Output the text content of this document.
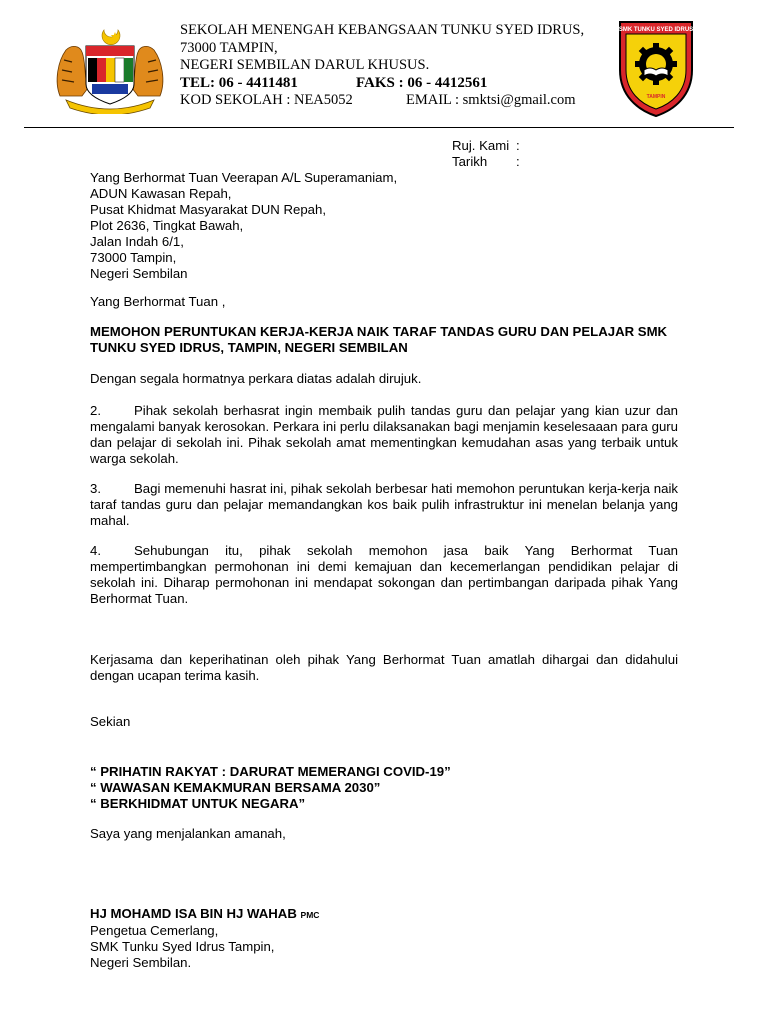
SEKOLAH MENENGAH KEBANGSAAN TUNKU SYED IDRUS,
73000 TAMPIN,
NEGERI SEMBILAN DARUL KHUSUS.
TEL: 06 - 4411481	FAKS : 06 - 4412561
KOD SEKOLAH : NEA5052	EMAIL : smktsi@gmail.com
SMK TUNKU SYED IDRUS
TAMPIN
Ruj. Kami :
Tarikh	:
Yang Berhormat Tuan Veerapan A/L Superamaniam,
ADUN Kawasan Repah,
Pusat Khidmat Masyarakat DUN Repah,
Plot 2636, Tingkat Bawah,
Jalan Indah 6/1,
73000 Tampin,
Negeri Sembilan
Yang Berhormat Tuan ,
MEMOHON PERUNTUKAN KERJA-KERJA NAIK TARAF TANDAS GURU DAN PELAJAR SMK TUNKU SYED IDRUS, TAMPIN, NEGERI SEMBILAN
Dengan segala hormatnya perkara diatas adalah dirujuk.
2.	Pihak sekolah berhasrat ingin membaik pulih tandas guru dan pelajar yang kian uzur dan mengalami banyak kerosokan. Perkara ini perlu dilaksanakan bagi menjamin keselesaaan para guru dan pelajar di sekolah ini. Pihak sekolah amat mementingkan kemudahan asas yang terbaik untuk warga sekolah.
3.	Bagi memenuhi hasrat ini, pihak sekolah berbesar hati memohon peruntukan kerja-kerja naik taraf tandas guru dan pelajar memandangkan kos baik pulih infrastruktur ini menelan belanja yang mahal.
4.	Sehubungan itu, pihak sekolah memohon jasa baik Yang Berhormat Tuan mempertimbangkan permohonan ini demi kemajuan dan kecemerlangan pendidikan pelajar di sekolah ini. Diharap permohonan ini mendapat sokongan dan pertimbangan daripada pihak Yang Berhormat Tuan.
Kerjasama dan keperihatinan oleh pihak Yang Berhormat Tuan amatlah dihargai dan didahului dengan ucapan terima kasih.
Sekian
“ PRIHATIN RAKYAT : DARURAT MEMERANGI COVID-19”
“ WAWASAN KEMAKMURAN BERSAMA 2030”
“ BERKHIDMAT UNTUK NEGARA”
Saya yang menjalankan amanah,
HJ MOHAMD ISA BIN HJ WAHAB PMC
Pengetua Cemerlang,
SMK Tunku Syed Idrus Tampin,
Negeri Sembilan.
